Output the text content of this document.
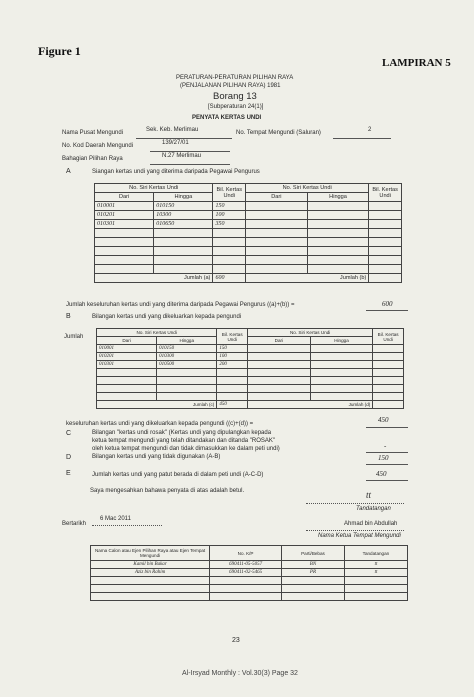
Figure 1
LAMPIRAN 5
PERATURAN-PERATURAN PILIHAN RAYA
(PENJALANAN PILIHAN RAYA) 1981
Borang 13
[Subperaturan 24(1)]
PENYATA KERTAS UNDI
Nama Pusat Mengundi	Sek. Keb. Merlimau	No. Tempat Mengundi (Saluran)	2
No. Kod Daerah Mengundi	139/27/01
Bahagian Pilihan Raya	N.27 Merlimau
A	Siangan kertas undi yang diterima daripada Pegawai Pengurus
No. Siri Kertas Undi		Bil. Kertas Undi	No. Siri Kertas Undi		Bil. Kertas Undi
Dari	Hingga		Dari	Hingga	
010001	010150	150			
010201	10300	100			
010301	010650	350			

Jumlah (a)		600	Jumlah (b)		
Jumlah keseluruhan kertas undi yang diterima daripada Pegawai Pengurus ((a)+(b)) =	600
B	Bilangan kertas undi yang dikeluarkan kepada pengundi
Jumlah
No. Siri Kertas Undi		Bil. Kertas Undi	No. Siri Kertas Undi		Bil. Kertas Undi
Dari	Hingga		Dari	Hingga	
010001	010150	150			
010201	010300	100			
010301	010500	200			

Jumlah (c)		450	Jumlah (d)		
keseluruhan kertas undi yang dikeluarkan kepada pengundi ((c)+(d)) =	450
C	Bilangan "kertas undi rosak" (Kertas undi yang dipulangkan kepada
ketua tempat mengundi yang telah ditandakan dan ditanda "ROSAK"
oleh ketua tempat mengundi dan tidak dimasukkan ke dalam peti undi)	-
D	Bilangan kertas undi yang tidak digunakan (A-B)	150
E	Jumlah kertas undi yang patut berada di dalam peti undi (A-C-D)	450
Saya mengesahkan bahawa penyata di atas adalah betul.	tt
Tandatangan
Ahmad bin Abdullah
Nama Ketua Tempat Mengundi
Bertarikh
6 Mac 2011
Nama Calon atau Ejen Pilihan Raya atau Ejen Tempat Mengundi	No. K/P	Parti/Bebas	Tandatangan
Kamil bin Bakar	690411-05-5057	BN	tt
Aziz bin Rahim	690411-02-5465	PR	tt

23
Al-Irsyad Monthly : Vol.30(3) Page 32
